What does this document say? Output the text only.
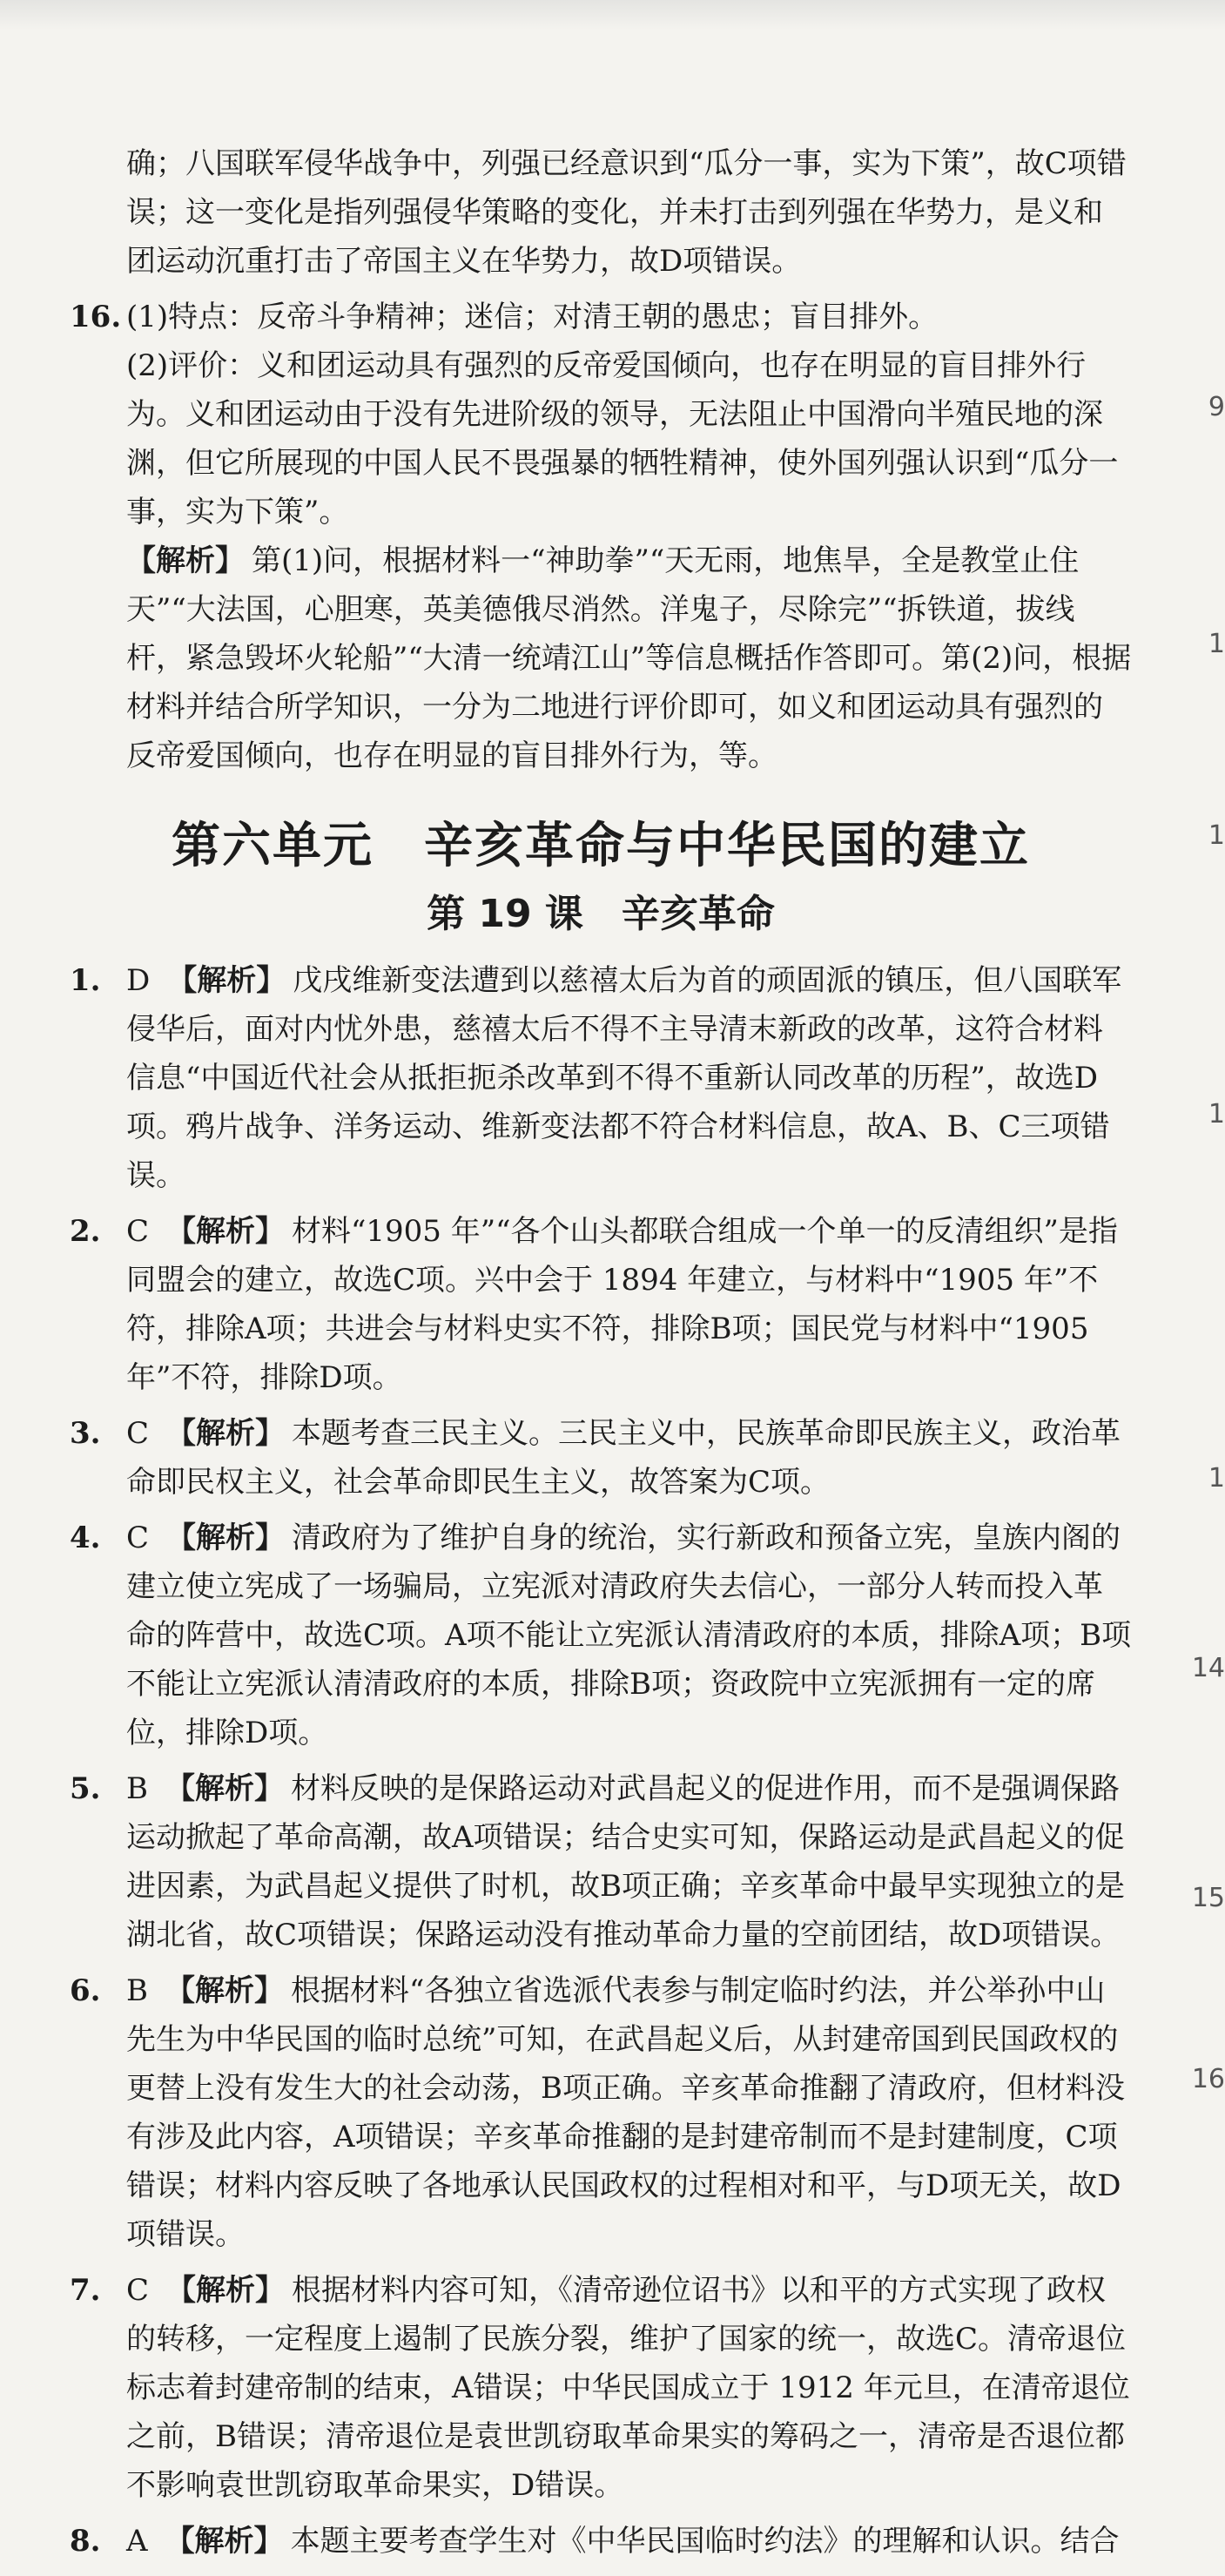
确；八国联军侵华战争中，列强已经意识到“瓜分一事，实为下策”，故C项错误；这一变化是指列强侵华策略的变化，并未打击到列强在华势力，是义和团运动沉重打击了帝国主义在华势力，故D项错误。

16. (1)特点：反帝斗争精神；迷信；对清王朝的愚忠；盲目排外。

(2)评价：义和团运动具有强烈的反帝爱国倾向，也存在明显的盲目排外行为。义和团运动由于没有先进阶级的领导，无法阻止中国滑向半殖民地的深渊，但它所展现的中国人民不畏强暴的牺牲精神，使外国列强认识到“瓜分一事，实为下策”。

【解析】 第(1)问，根据材料一“神助拳”“天无雨，地焦旱，全是教堂止住天”“大法国，心胆寒，英美德俄尽消然。洋鬼子，尽除完”“拆铁道，拔线杆，紧急毁坏火轮船”“大清一统靖江山”等信息概括作答即可。第(2)问，根据材料并结合所学知识，一分为二地进行评价即可，如义和团运动具有强烈的反帝爱国倾向，也存在明显的盲目排外行为，等。

第六单元　辛亥革命与中华民国的建立
第 19 课　辛亥革命
1. D 【解析】 戊戌维新变法遭到以慈禧太后为首的顽固派的镇压，但八国联军侵华后，面对内忧外患，慈禧太后不得不主导清末新政的改革，这符合材料信息“中国近代社会从抵拒扼杀改革到不得不重新认同改革的历程”，故选D项。鸦片战争、洋务运动、维新变法都不符合材料信息，故A、B、C三项错误。
2. C 【解析】 材料“1905 年”“各个山头都联合组成一个单一的反清组织”是指同盟会的建立，故选C项。兴中会于 1894 年建立，与材料中“1905 年”不符，排除A项；共进会与材料史实不符，排除B项；国民党与材料中“1905 年”不符，排除D项。
3. C 【解析】 本题考查三民主义。三民主义中，民族革命即民族主义，政治革命即民权主义，社会革命即民生主义，故答案为C项。
4. C 【解析】 清政府为了维护自身的统治，实行新政和预备立宪，皇族内阁的建立使立宪成了一场骗局，立宪派对清政府失去信心，一部分人转而投入革命的阵营中，故选C项。A项不能让立宪派认清清政府的本质，排除A项；B项不能让立宪派认清清政府的本质，排除B项；资政院中立宪派拥有一定的席位，排除D项。
5. B 【解析】 材料反映的是保路运动对武昌起义的促进作用，而不是强调保路运动掀起了革命高潮，故A项错误；结合史实可知，保路运动是武昌起义的促进因素，为武昌起义提供了时机，故B项正确；辛亥革命中最早实现独立的是湖北省，故C项错误；保路运动没有推动革命力量的空前团结，故D项错误。
6. B 【解析】 根据材料“各独立省选派代表参与制定临时约法，并公举孙中山先生为中华民国的临时总统”可知，在武昌起义后，从封建帝国到民国政权的更替上没有发生大的社会动荡，B项正确。辛亥革命推翻了清政府，但材料没有涉及此内容，A项错误；辛亥革命推翻的是封建帝制而不是封建制度，C项错误；材料内容反映了各地承认民国政权的过程相对和平，与D项无关，故D项错误。
7. C 【解析】 根据材料内容可知，《清帝逊位诏书》以和平的方式实现了政权的转移，一定程度上遏制了民族分裂，维护了国家的统一，故选C。清帝退位标志着封建帝制的结束，A错误；中华民国成立于 1912 年元旦，在清帝退位之前，B错误；清帝退位是袁世凯窃取革命果实的筹码之一，清帝是否退位都不影响袁世凯窃取革命果实，D错误。
8. A 【解析】 本题主要考查学生对《中华民国临时约法》的理解和认识。结合
9
1
1
1
1
14
15
16
